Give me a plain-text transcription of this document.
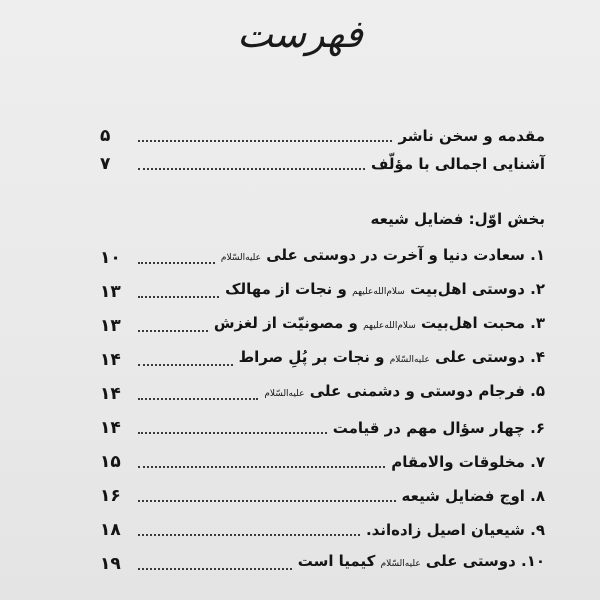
فهرست
مقدمه و سخن ناشر
۵
آشنایی اجمالی با مؤلّف
۷
بخش اوّل: فضایل شیعه
۱. سعادت دنیا و آخرت در دوستی علی علیه‌السّلام
۱۰
۲. دوستی اهل‌بیت سلام‌الله‌علیهم و نجات از مهالک
۱۳
۳. محبت اهل‌بیت سلام‌الله‌علیهم و مصونیّت از لغزش
۱۳
۴. دوستی علی علیه‌السّلام و نجات بر پُلِ صراط
۱۴
۵. فرجام دوستی و دشمنی علی علیه‌السّلام
۱۴
۶. چهار سؤال مهم در قیامت
۱۴
۷. مخلوقات والامقام
۱۵
۸. اوج فضایل شیعه
۱۶
۹. شیعیان اصیل زاده‌اند.
۱۸
۱۰. دوستی علی علیه‌السّلام کیمیا است
۱۹
